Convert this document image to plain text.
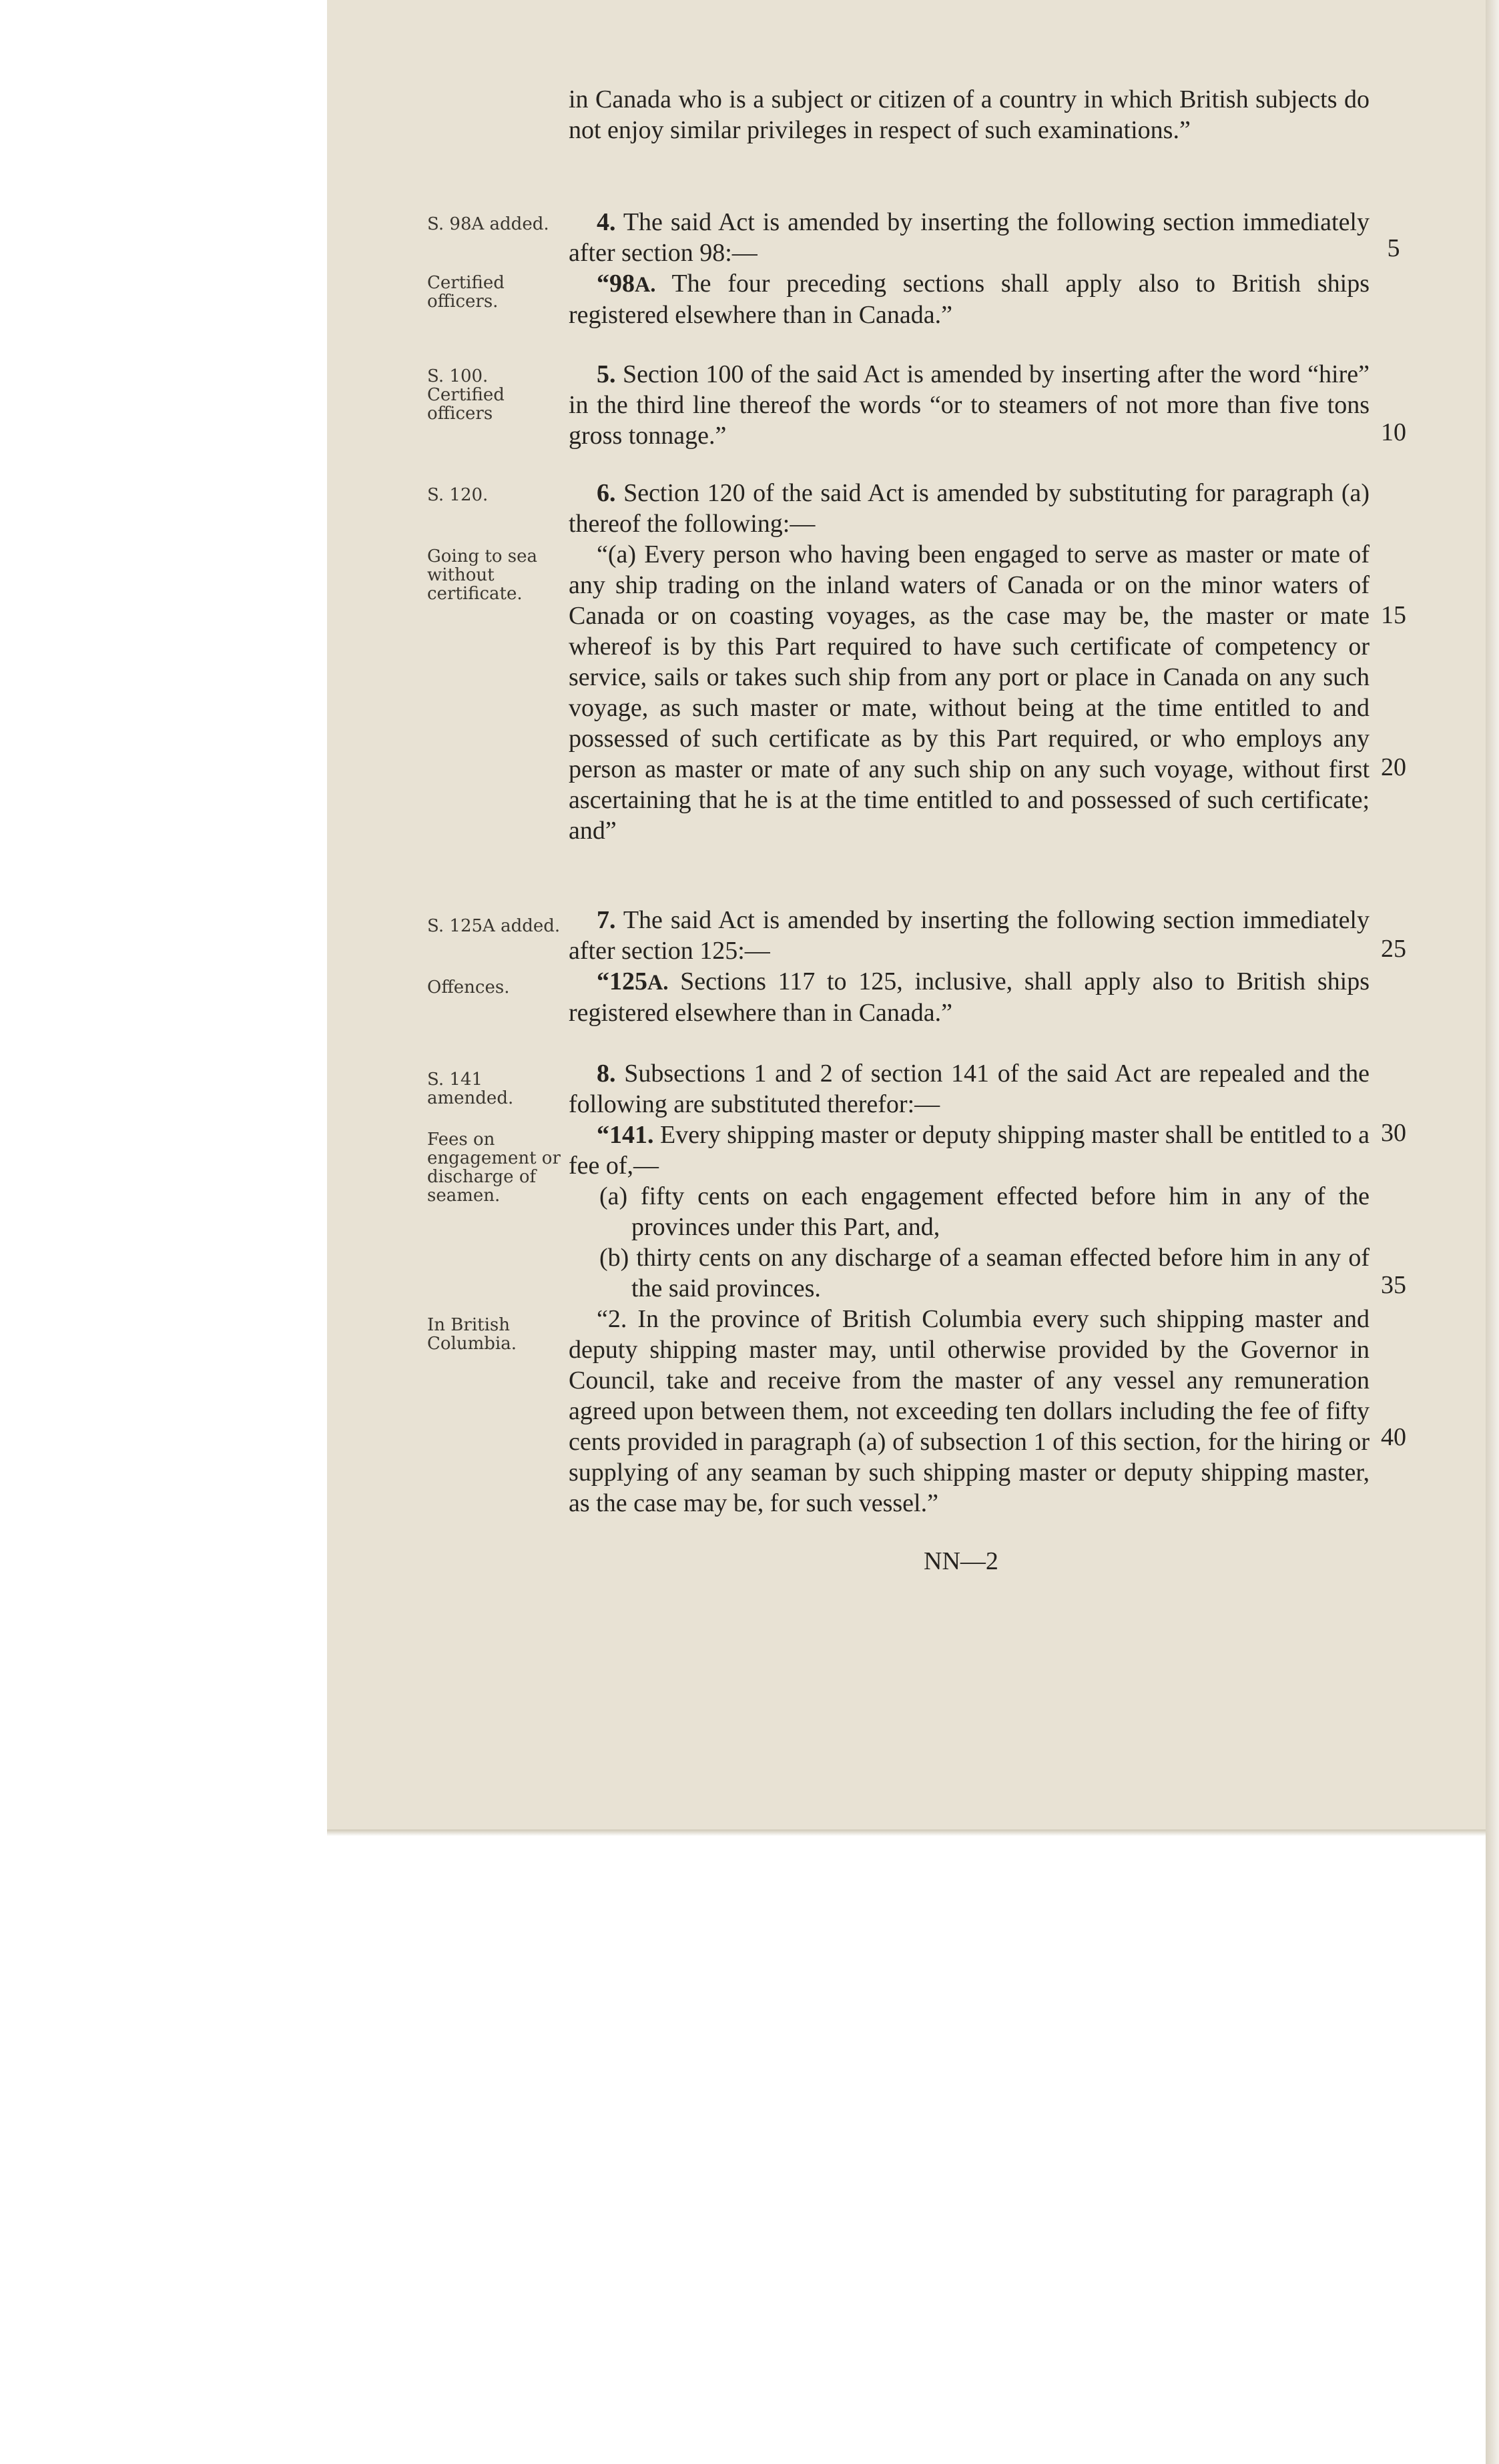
in Canada who is a subject or citizen of a country in which British subjects do not enjoy similar privileges in respect of such examinations.”

S. 98A added.
Certified officers.

4. The said Act is amended by inserting the following section immediately after section 98:—

“98A. The four preceding sections shall apply also to British ships registered elsewhere than in Canada.”

S. 100. Certified officers

5. Section 100 of the said Act is amended by inserting after the word “hire” in the third line thereof the words “or to steamers of not more than five tons gross tonnage.”

S. 120.
Going to sea without certificate.

6. Section 120 of the said Act is amended by substituting for paragraph (a) thereof the following:—

“(a) Every person who having been engaged to serve as master or mate of any ship trading on the inland waters of Canada or on the minor waters of Canada or on coasting voyages, as the case may be, the master or mate whereof is by this Part required to have such certificate of competency or service, sails or takes such ship from any port or place in Canada on any such voyage, as such master or mate, without being at the time entitled to and possessed of such certificate as by this Part required, or who employs any person as master or mate of any such ship on any such voyage, without first ascertaining that he is at the time entitled to and possessed of such certificate; and”

S. 125A added.
Offences.

7. The said Act is amended by inserting the following section immediately after section 125:—

“125A. Sections 117 to 125, inclusive, shall apply also to British ships registered elsewhere than in Canada.”

S. 141 amended.
Fees on engagement or discharge of seamen.
In British Columbia.

8. Subsections 1 and 2 of section 141 of the said Act are repealed and the following are substituted therefor:—

“141. Every shipping master or deputy shipping master shall be entitled to a fee of,—

(a) fifty cents on each engagement effected before him in any of the provinces under this Part, and,

(b) thirty cents on any discharge of a seaman effected before him in any of the said provinces.

“2. In the province of British Columbia every such shipping master and deputy shipping master may, until otherwise provided by the Governor in Council, take and receive from the master of any vessel any remuneration agreed upon between them, not exceeding ten dollars including the fee of fifty cents provided in paragraph (a) of subsection 1 of this section, for the hiring or supplying of any seaman by such shipping master or deputy shipping master, as the case may be, for such vessel.”

5
10
15
20
25
30
35
40
NN—2
